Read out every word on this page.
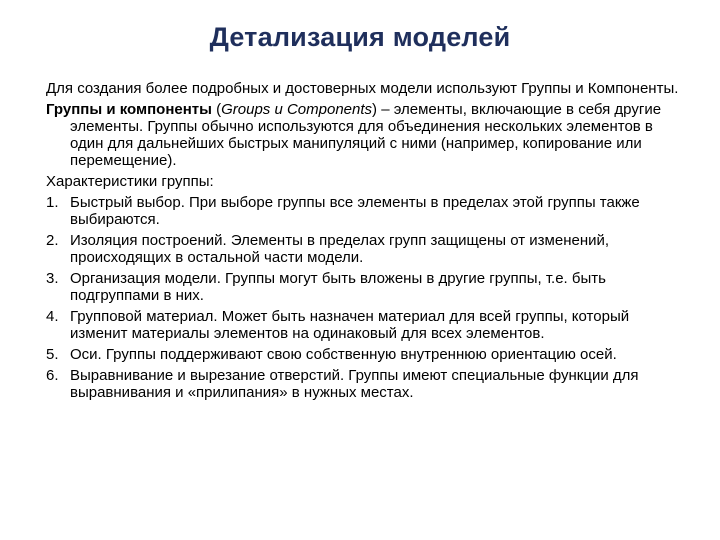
Детализация моделей

Для создания более подробных и достоверных модели используют Группы и Компоненты.

Группы и компоненты (Groups и Components) – элементы, включающие в себя другие элементы. Группы обычно используются для объединения нескольких элементов в один для дальнейших быстрых манипуляций с ними (например, копирование или перемещение).

Характеристики группы:

1. Быстрый выбор. При выборе группы все элементы в пределах этой группы также выбираются.
2. Изоляция построений. Элементы в пределах групп защищены от изменений, происходящих в остальной части модели.
3. Организация модели. Группы могут быть вложены в другие группы, т.е. быть подгруппами в них.
4. Групповой материал. Может быть назначен материал для всей группы, который изменит материалы элементов на одинаковый для всех элементов.
5. Оси. Группы поддерживают свою собственную внутреннюю ориентацию осей.
6. Выравнивание и вырезание отверстий. Группы имеют специальные функции для выравнивания и «прилипания» в нужных местах.
